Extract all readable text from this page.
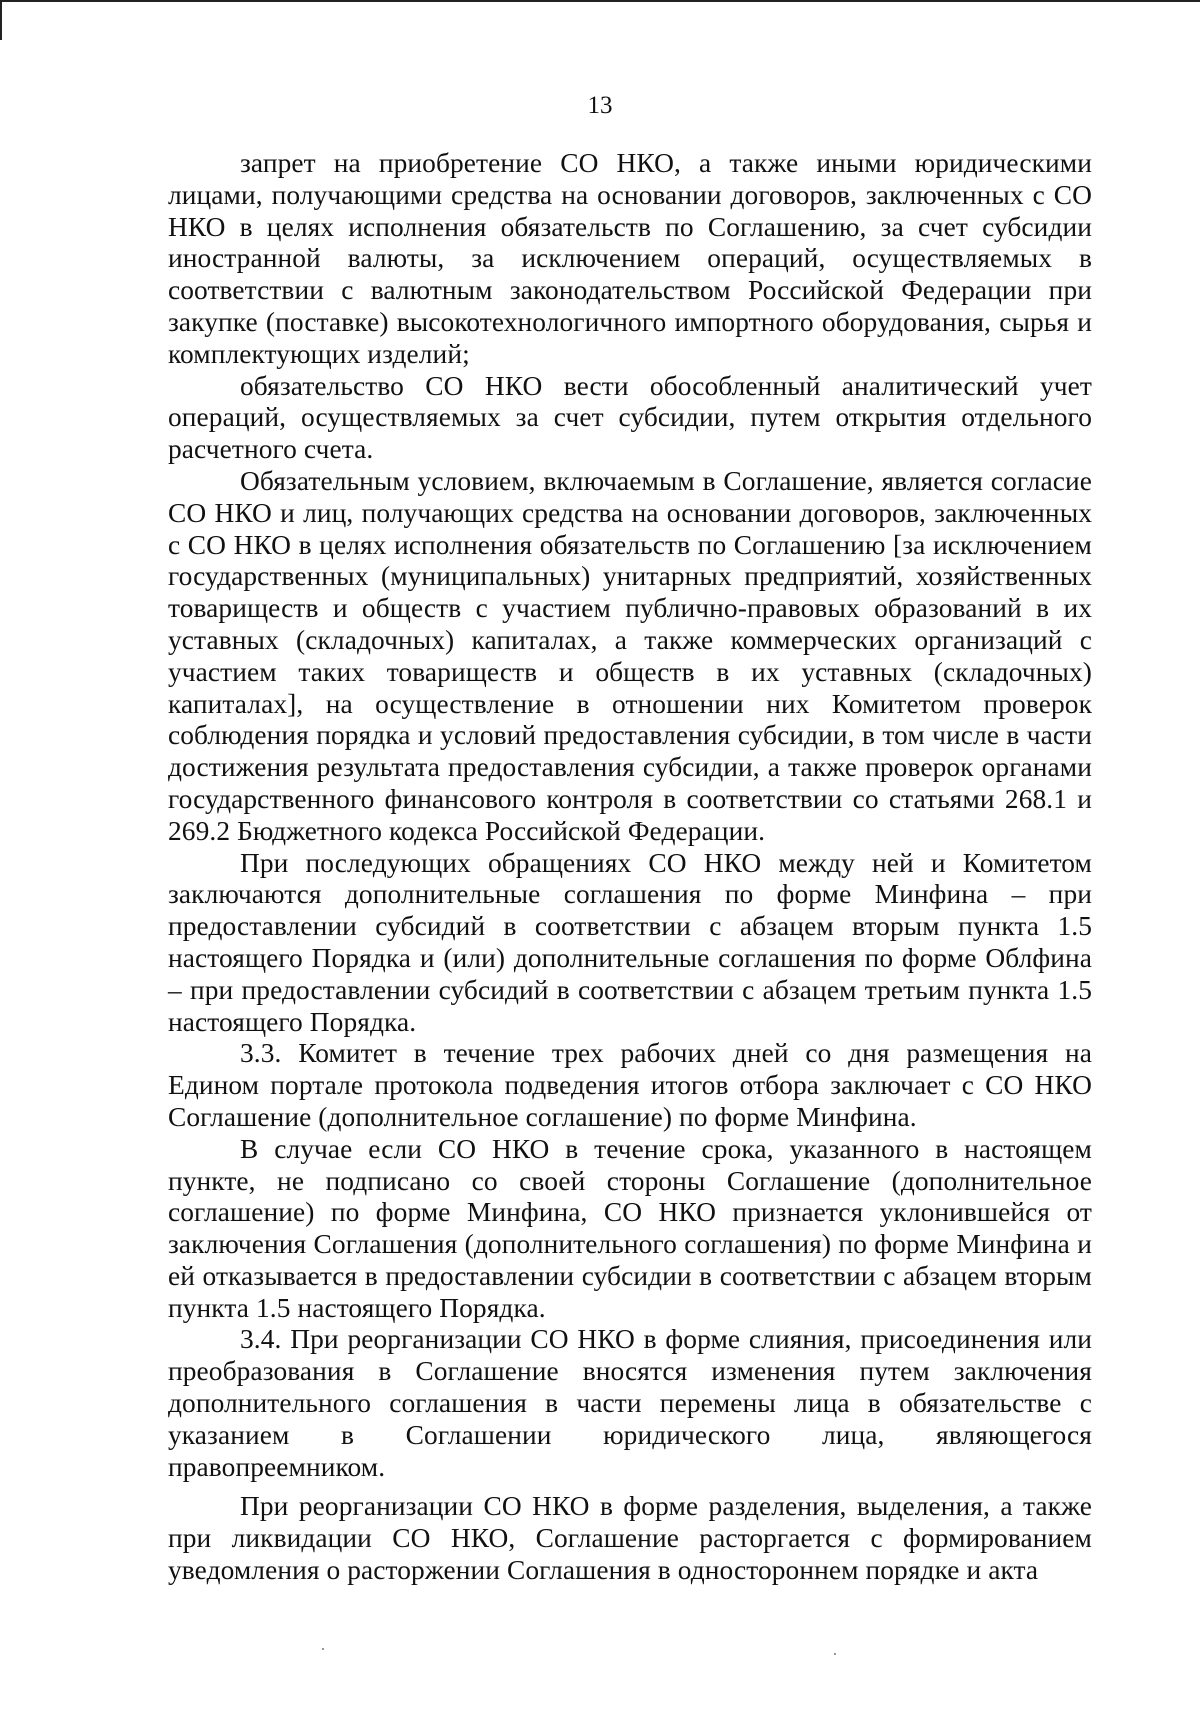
13

запрет на приобретение СО НКО, а также иными юридическими лицами, получающими средства на основании договоров, заключенных с СО НКО в целях исполнения обязательств по Соглашению, за счет субсидии иностранной валюты, за исключением операций, осуществляемых в соответствии с валютным законодательством Российской Федерации при закупке (поставке) высокотехнологичного импортного оборудования, сырья и комплектующих изделий;

обязательство СО НКО вести обособленный аналитический учет операций, осуществляемых за счет субсидии, путем открытия отдельного расчетного счета.

Обязательным условием, включаемым в Соглашение, является согласие СО НКО и лиц, получающих средства на основании договоров, заключенных с СО НКО в целях исполнения обязательств по Соглашению [за исключением государственных (муниципальных) унитарных предприятий, хозяйственных товариществ и обществ с участием публично-правовых образований в их уставных (складочных) капиталах, а также коммерческих организаций с участием таких товариществ и обществ в их уставных (складочных) капиталах], на осуществление в отношении них Комитетом проверок соблюдения порядка и условий предоставления субсидии, в том числе в части достижения результата предоставления субсидии, а также проверок органами государственного финансового контроля в соответствии со статьями 268.1 и 269.2 Бюджетного кодекса Российской Федерации.

При последующих обращениях СО НКО между ней и Комитетом заключаются дополнительные соглашения по форме Минфина – при предоставлении субсидий в соответствии с абзацем вторым пункта 1.5 настоящего Порядка и (или) дополнительные соглашения по форме Облфина – при предоставлении субсидий в соответствии с абзацем третьим пункта 1.5 настоящего Порядка.

3.3. Комитет в течение трех рабочих дней со дня размещения на Едином портале протокола подведения итогов отбора заключает с СО НКО Соглашение (дополнительное соглашение) по форме Минфина.

В случае если СО НКО в течение срока, указанного в настоящем пункте, не подписано со своей стороны Соглашение (дополнительное соглашение) по форме Минфина, СО НКО признается уклонившейся от заключения Соглашения (дополнительного соглашения) по форме Минфина и ей отказывается в предоставлении субсидии в соответствии с абзацем вторым пункта 1.5 настоящего Порядка.

3.4. При реорганизации СО НКО в форме слияния, присоединения или преобразования в Соглашение вносятся изменения путем заключения дополнительного соглашения в части перемены лица в обязательстве с указанием в Соглашении юридического лица, являющегося правопреемником.

При реорганизации СО НКО в форме разделения, выделения, а также при ликвидации СО НКО, Соглашение расторгается с формированием уведомления о расторжении Соглашения в одностороннем порядке и акта
